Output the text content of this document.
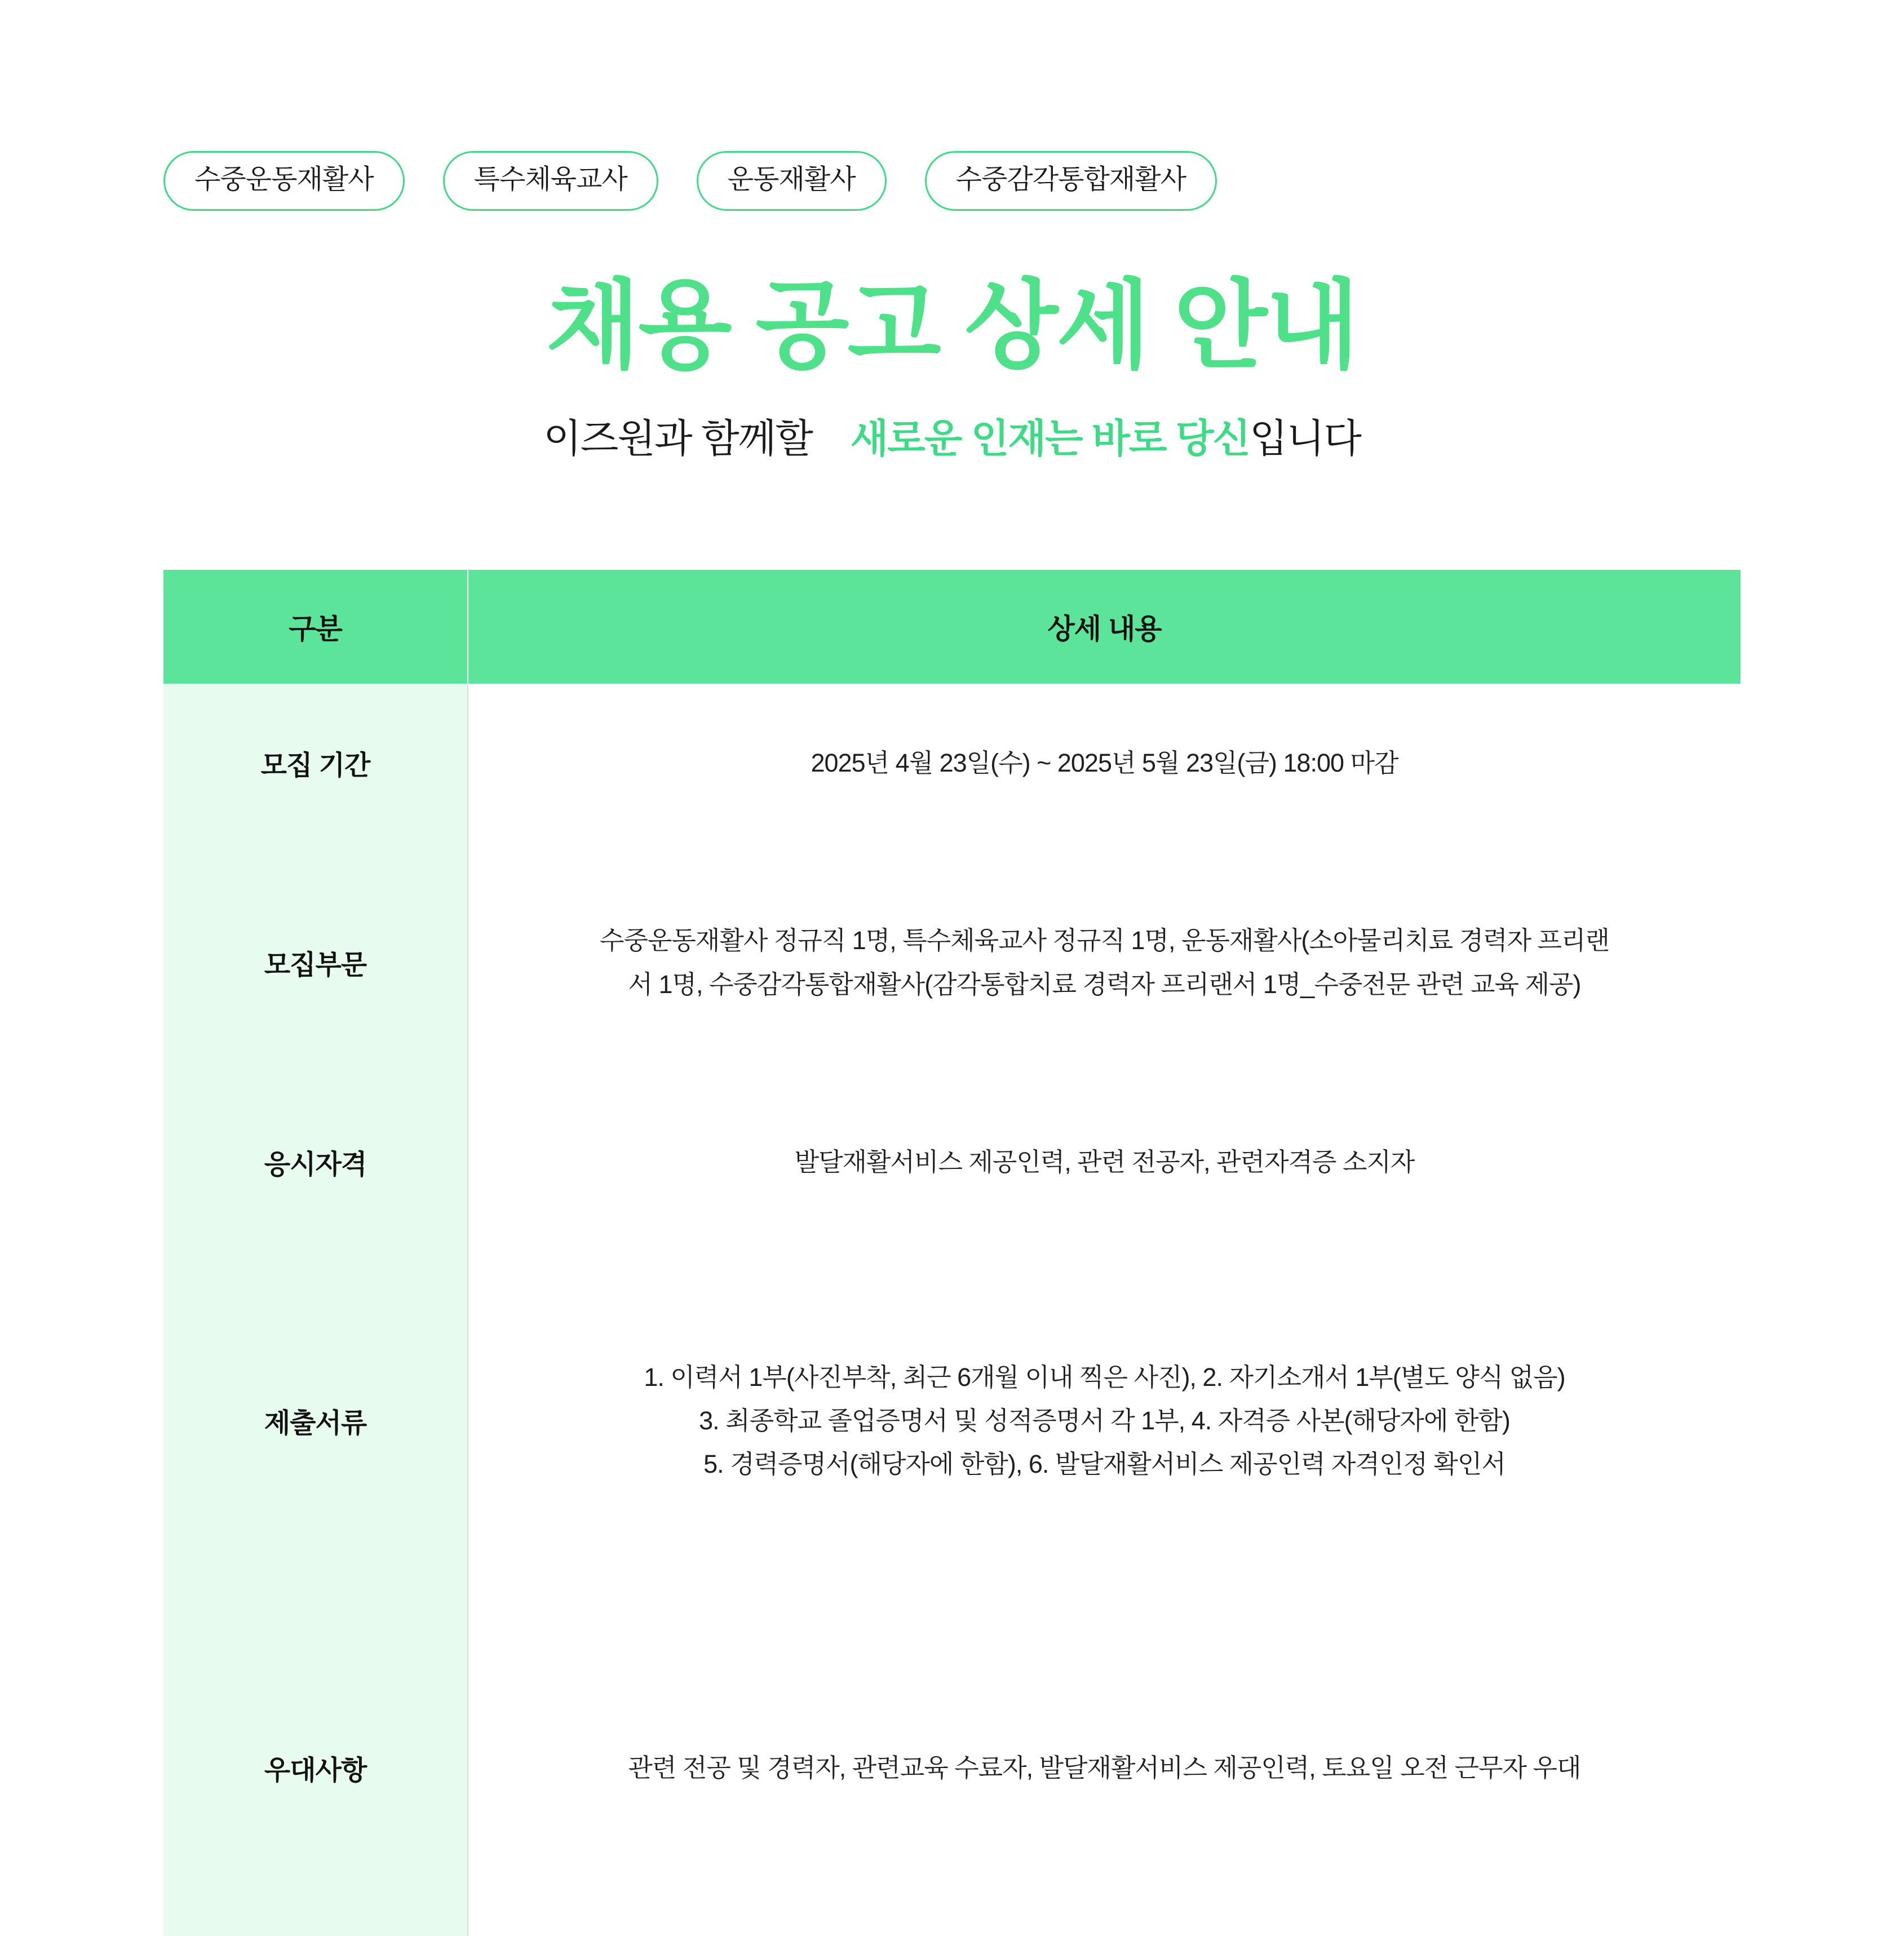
수중운동재활사	특수체육교사	운동재활사	수중감각통합재활사
채용 공고 상세 안내
이즈원과 함께할ㅤ새로운 인재는 바로 당신입니다
구분	상세 내용
모집 기간	2025년 4월 23일(수) ~ 2025년 5월 23일(금) 18:00 마감

모집부문	수중운동재활사 정규직 1명, 특수체육교사 정규직 1명, 운동재활사(소아물리치료 경력자 프리랜
서 1명, 수중감각통합재활사(감각통합치료 경력자 프리랜서 1명_수중전문 관련 교육 제공)

응시자격	발달재활서비스 제공인력, 관련 전공자, 관련자격증 소지자

제출서류	1. 이력서 1부(사진부착, 최근 6개월 이내 찍은 사진), 2. 자기소개서 1부(별도 양식 없음)
3. 최종학교 졸업증명서 및 성적증명서 각 1부, 4. 자격증 사본(해당자에 한함)
5. 경력증명서(해당자에 한함), 6. 발달재활서비스 제공인력 자격인정 확인서

우대사항	관련 전공 및 경력자, 관련교육 수료자, 발달재활서비스 제공인력, 토요일 오전 근무자 우대
